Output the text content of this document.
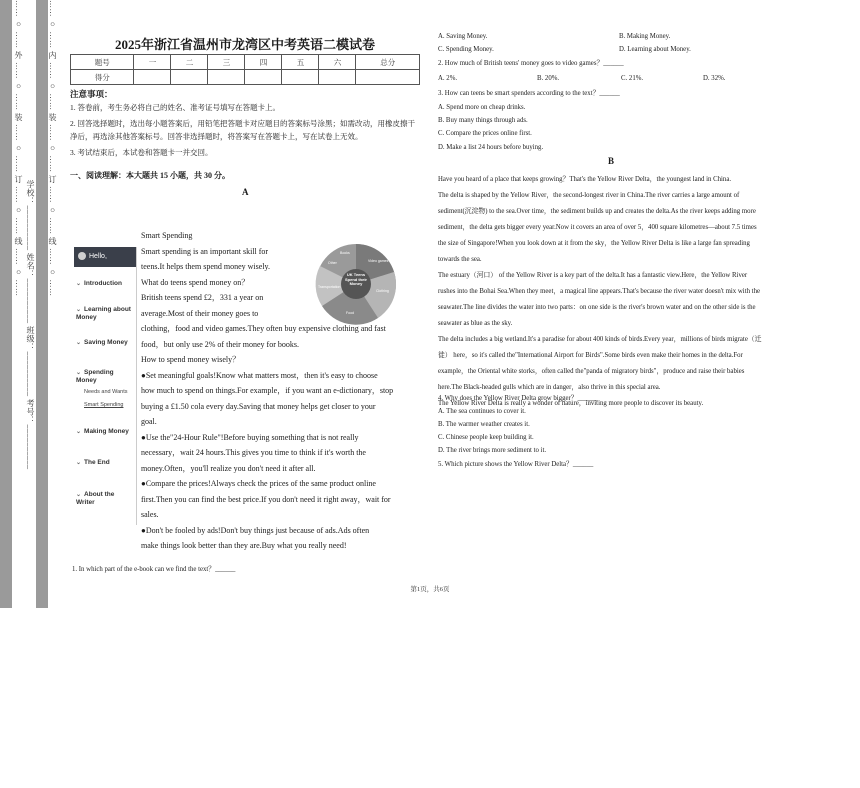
…… ○ …… 外 …… ○ …… 装 …… ○ …… 订 …… ○ …… 线 …… ○ ……
学校：__________ 姓名：__________ 班级：__________ 考号：__________
…… ○ …… 内 …… ○ …… 装 …… ○ …… 订 …… ○ …… 线 …… ○ ……	2025年浙江省温州市龙湾区中考英语二模试卷
题号	一	二	三	四	五	六	总分
得分							
注意事项：
1. 答卷前，考生务必将自己的姓名、准考证号填写在答题卡上。
2. 回答选择题时，选出每小题答案后，用铅笔把答题卡对应题目的答案标号涂黑；如需改动，用橡皮擦干
净后，再选涂其他答案标号。回答非选择题时，将答案写在答题卡上，写在试卷上无效。
3. 考试结束后，本试卷和答题卡一并交回。
一、阅读理解：本大题共 15 小题，共 30 分。
A
Hello, Rebecca
⌄ Introduction
⌄ Learning about Money
⌄ Saving Money
⌄ Spending Money
Needs and Wants
Smart Spending
⌄ Making Money
⌄ The End
⌄ About the Writer
UK Teens Spend their Money
Books
Video games
Clothing
Food
Transportation
Other
Smart Spending
Smart spending is an important skill for
teens.It helps them spend money wisely.
What do teens spend money on？
British teens spend £2，331 a year on
average.Most of their money goes to
clothing，food and video games.They often buy expensive clothing and fast
food，but only use 2% of their money for books.
How to spend money wisely？
●Set meaningful goals!Know what matters most，then it's easy to choose
how much to spend on things.For example，if you want an e-dictionary，stop
buying a £1.50 cola every day.Saving that money helps get closer to your
goal.
●Use the"24-Hour Rule"!Before buying something that is not really
necessary，wait 24 hours.This gives you time to think if it's worth the
money.Often，you'll realize you don't need it after all.
●Compare the prices!Always check the prices of the same product online
first.Then you can find the best price.If you don't need it right away，wait for
sales.
●Don't be fooled by ads!Don't buy things just because of ads.Ads often
make things look better than they are.Buy what you really need!
1. In which part of the e-book can we find the text？______
A. Saving Money.	B. Making Money.
C. Spending Money.	D. Learning about Money.
2. How much of British teens' money goes to video games？______
A. 2%.	B. 20%.	C. 21%.	D. 32%.
3. How can teens be smart spenders according to the text？______
A. Spend more on cheap drinks.
B. Buy many things through ads.
C. Compare the prices online first.
D. Make a list 24 hours before buying.
B
Have you heard of a place that keeps growing？That's the Yellow River Delta，the youngest land in China.
The delta is shaped by the Yellow River，the second-longest river in China.The river carries a large amount of
sediment(沉淀物) to the sea.Over time，the sediment builds up and creates the delta.As the river keeps adding more
sediment，the delta gets bigger every year.Now it covers an area of over 5，400 square kilometres—about 7.5 times
the size of Singapore!When you look down at it from the sky，the Yellow River Delta is like a large fan spreading
towards the sea.
The estuary（河口） of the Yellow River is a key part of the delta.It has a fantastic view.Here，the Yellow River
rushes into the Bohai Sea.When they meet，a magical line appears.That's because the river water doesn't mix with the
seawater.The line divides the water into two parts：on one side is the river's brown water and on the other side is the
seawater as blue as the sky.
The delta includes a big wetland.It's a paradise for about 400 kinds of birds.Every year，millions of birds migrate（迁
徙） here，so it's called the"International Airport for Birds".Some birds even make their homes in the delta.For
example，the Oriental white storks，often called the"panda of migratory birds"，produce and raise their babies
here.The Black-headed gulls which are in danger，also thrive in this special area.
The Yellow River Delta is really a wonder of nature，inviting more people to discover its beauty.
4. Why does the Yellow River Delta grow bigger？______
A. The sea continues to cover it.
B. The warmer weather creates it.
C. Chinese people keep building it.
D. The river brings more sediment to it.
5. Which picture shows the Yellow River Delta？______
第1页，共6页
